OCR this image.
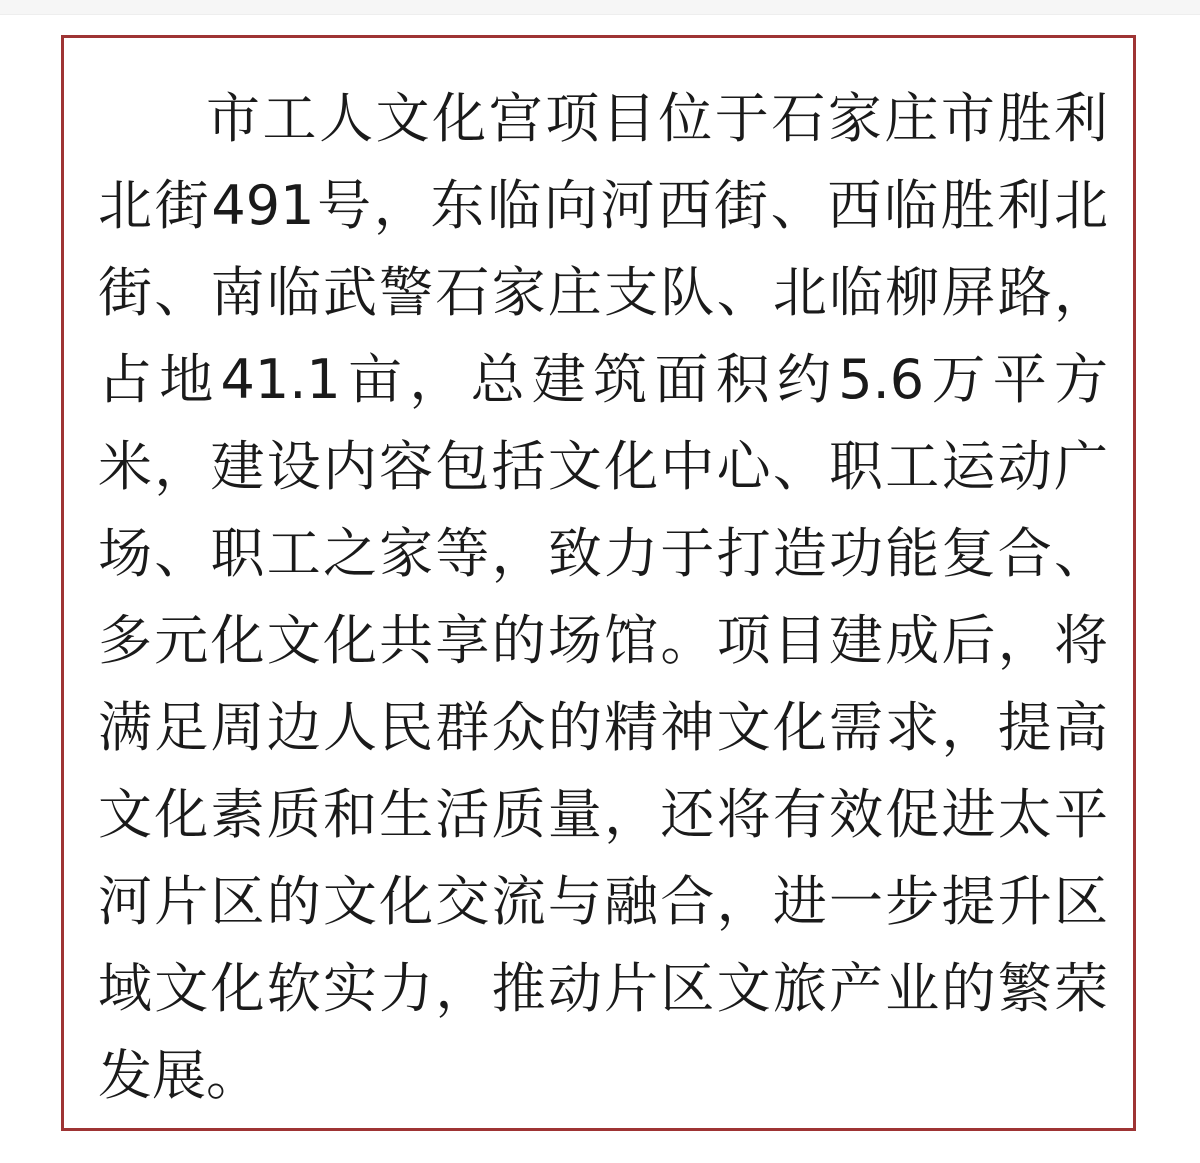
市工人文化宫项目位于石家庄市胜利
北街491号，东临向河西街、西临胜利北
街、南临武警石家庄支队、北临柳屏路，
占地41.1亩，总建筑面积约5.6万平方
米，建设内容包括文化中心、职工运动广
场、职工之家等，致力于打造功能复合、
多元化文化共享的场馆。项目建成后，将
满足周边人民群众的精神文化需求，提高
文化素质和生活质量，还将有效促进太平
河片区的文化交流与融合，进一步提升区
域文化软实力，推动片区文旅产业的繁荣
发展。
